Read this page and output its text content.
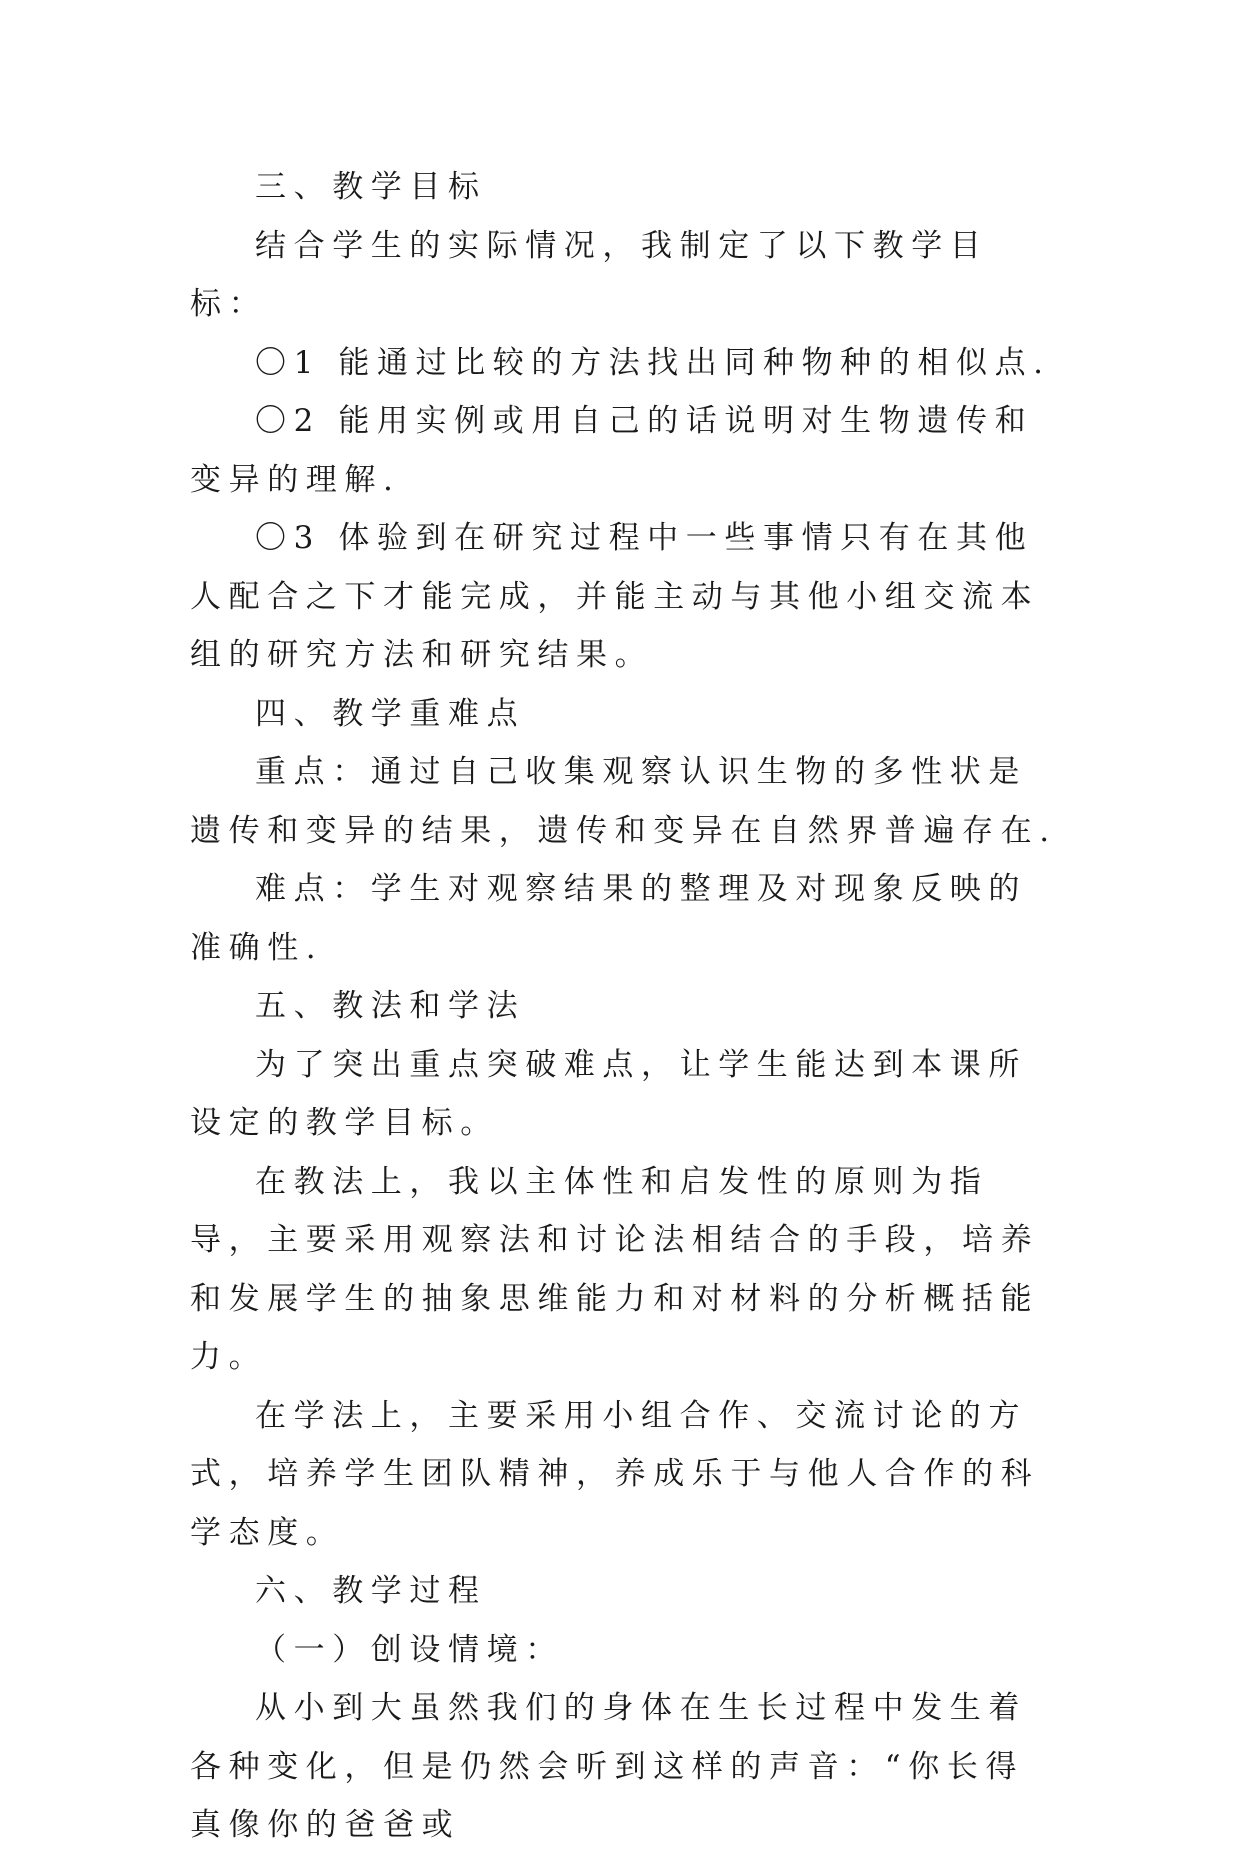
三、教学目标

结合学生的实际情况，我制定了以下教学目标：

〇1 能通过比较的方法找出同种物种的相似点.

〇2 能用实例或用自己的话说明对生物遗传和变异的理解.

〇3 体验到在研究过程中一些事情只有在其他人配合之下才能完成，并能主动与其他小组交流本组的研究方法和研究结果。

四、教学重难点

重点：通过自己收集观察认识生物的多性状是遗传和变异的结果，遗传和变异在自然界普遍存在.

难点：学生对观察结果的整理及对现象反映的准确性.

五、教法和学法

为了突出重点突破难点，让学生能达到本课所设定的教学目标。

在教法上，我以主体性和启发性的原则为指导，主要采用观察法和讨论法相结合的手段，培养和发展学生的抽象思维能力和对材料的分析概括能力。

在学法上，主要采用小组合作、交流讨论的方式，培养学生团队精神，养成乐于与他人合作的科学态度。

六、教学过程

（一）创设情境：

从小到大虽然我们的身体在生长过程中发生着各种变化，但是仍然会听到这样的声音：“你长得真像你的爸爸或
